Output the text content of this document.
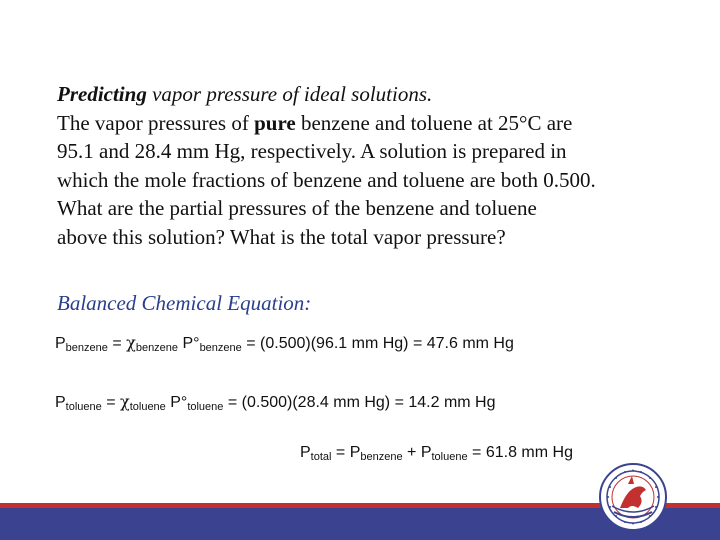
Predicting vapor pressure of ideal solutions.
The vapor pressures of pure benzene and toluene at 25°C are
95.1 and 28.4 mm Hg, respectively. A solution is prepared in
which the mole fractions of benzene and toluene are both 0.500.
What are the partial pressures of the benzene and toluene
above this solution? What is the total vapor pressure?
Balanced Chemical Equation:
$P_{benzene} = \chi_{benzene}$ $P^\circ_{benzene} = (0.500)(96.1$ mm Hg) = 47.6 mm Hg
$P_{toluene} = \chi_{toluene}$ $P^\circ_{toluene} = (0.500)(28.4$ mm Hg) = 14.2 mm Hg
$P_{total} = P_{benzene} + P_{toluene} = 61.8$ mm Hg
